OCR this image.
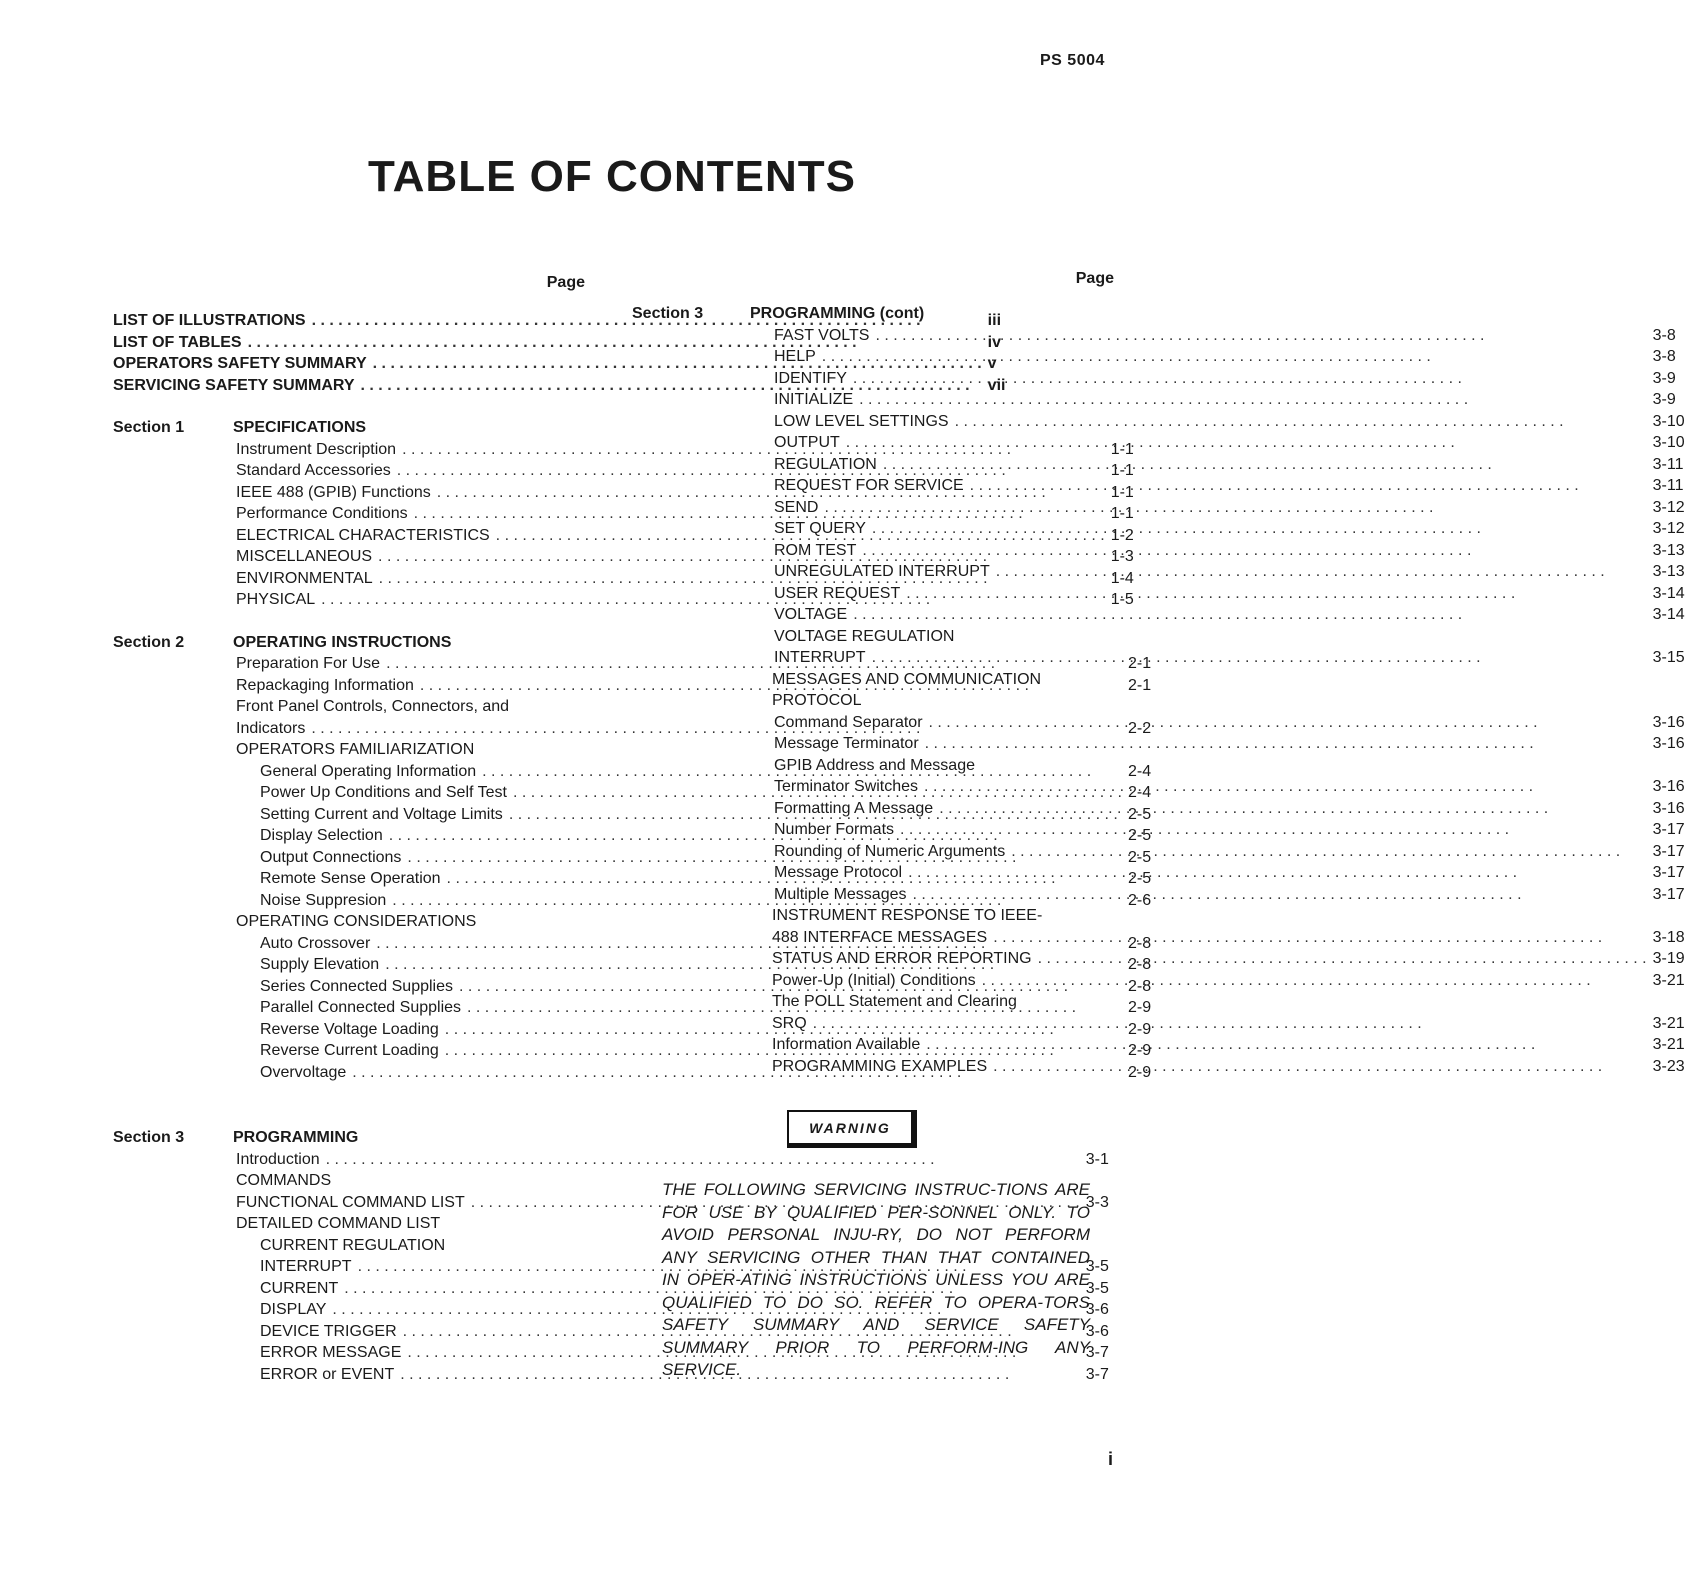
PS 5004
TABLE OF CONTENTS
Page
LIST OF ILLUSTRATIONS . . .	iii
LIST OF TABLES . . .	iv
OPERATORS SAFETY SUMMARY . . .	v
SERVICING SAFETY SUMMARY . . .	vii
Section 1	SPECIFICATIONS
Instrument Description . . .	1-1
Standard Accessories . . .	1-1
IEEE 488 (GPIB) Functions . . .	1-1
Performance Conditions . . .	1-1
ELECTRICAL CHARACTERISTICS . . .	1-2
MISCELLANEOUS . . .	1-3
ENVIRONMENTAL . . .	1-4
PHYSICAL . . .	1-5
Section 2	OPERATING INSTRUCTIONS
Preparation For Use . . .	2-1
Repackaging Information . . .	2-1
Front Panel Controls, Connectors, and
Indicators . . .	2-2
OPERATORS FAMILIARIZATION
General Operating Information . . .	2-4
Power Up Conditions and Self Test . . .	2-4
Setting Current and Voltage Limits . . .	2-5
Display Selection . . .	2-5
Output Connections . . .	2-5
Remote Sense Operation . . .	2-5
Noise Suppresion . . .	2-6
OPERATING CONSIDERATIONS
Auto Crossover . . .	2-8
Supply Elevation . . .	2-8
Series Connected Supplies . . .	2-8
Parallel Connected Supplies . . .	2-9
Reverse Voltage Loading . . .	2-9
Reverse Current Loading . . .	2-9
Overvoltage . . .	2-9
Section 3	PROGRAMMING
Introduction . . .	3-1
COMMANDS
FUNCTIONAL COMMAND LIST . . .	3-3
DETAILED COMMAND LIST
CURRENT REGULATION
INTERRUPT . . .	3-5
CURRENT . . .	3-5
DISPLAY . . .	3-6
DEVICE TRIGGER . . .	3-6
ERROR MESSAGE . . .	3-7
ERROR or EVENT . . .	3-7
Page
Section 3	PROGRAMMING (cont)
FAST VOLTS . . .	3-8
HELP . . .	3-8
IDENTIFY . . .	3-9
INITIALIZE . . .	3-9
LOW LEVEL SETTINGS . . .	3-10
OUTPUT . . .	3-10
REGULATION . . .	3-11
REQUEST FOR SERVICE . . .	3-11
SEND . . .	3-12
SET QUERY . . .	3-12
ROM TEST . . .	3-13
UNREGULATED INTERRUPT . . .	3-13
USER REQUEST . . .	3-14
VOLTAGE . . .	3-14
VOLTAGE REGULATION
INTERRUPT . . .	3-15
MESSAGES AND COMMUNICATION
PROTOCOL
Command Separator . . .	3-16
Message Terminator . . .	3-16
GPIB Address and Message
Terminator Switches . . .	3-16
Formatting A Message . . .	3-16
Number Formats . . .	3-17
Rounding of Numeric Arguments . . .	3-17
Message Protocol . . .	3-17
Multiple Messages . . .	3-17
INSTRUMENT RESPONSE TO IEEE-
488 INTERFACE MESSAGES . . .	3-18
STATUS AND ERROR REPORTING . . .	3-19
Power-Up (Initial) Conditions . . .	3-21
The POLL Statement and Clearing
SRQ . . .	3-21
Information Available . . .	3-21
PROGRAMMING EXAMPLES . . .	3-23
WARNING

THE FOLLOWING SERVICING INSTRUC-TIONS ARE FOR USE BY QUALIFIED PER-SONNEL ONLY. TO AVOID PERSONAL INJU-RY, DO NOT PERFORM ANY SERVICING OTHER THAN THAT CONTAINED IN OPER-ATING INSTRUCTIONS UNLESS YOU ARE QUALIFIED TO DO SO. REFER TO OPERA-TORS SAFETY SUMMARY AND SERVICE SAFETY SUMMARY PRIOR TO PERFORM-ING ANY SERVICE.

i
